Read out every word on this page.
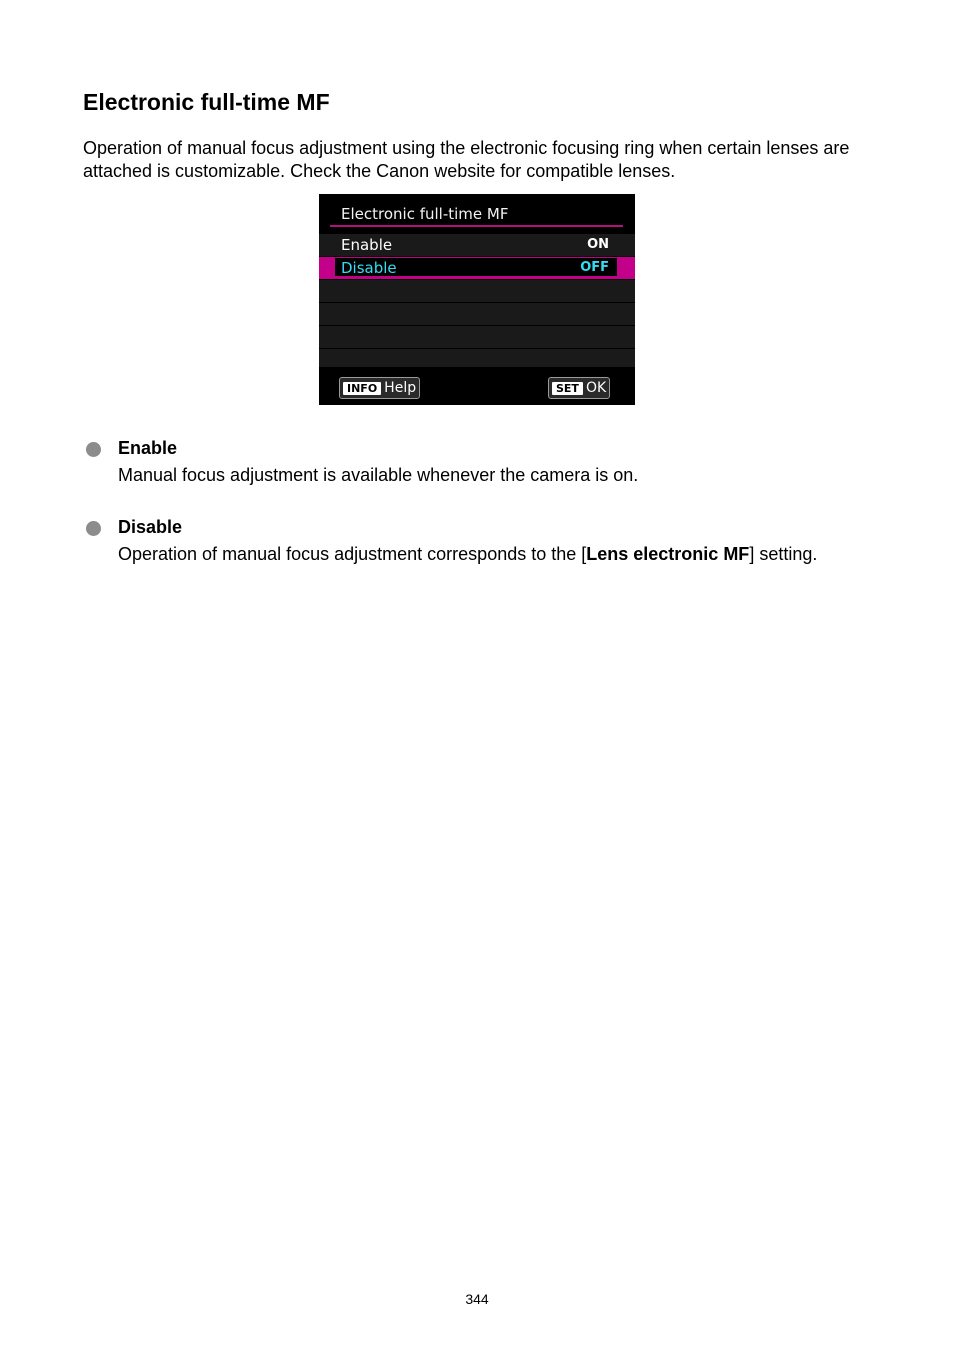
Electronic full-time MF

Operation of manual focus adjustment using the electronic focusing ring when certain lenses are attached is customizable. Check the Canon website for compatible lenses.

Electronic full-time MF
Enable	ON
Disable	OFF
INFO Help	SET OK

Enable

Manual focus adjustment is available whenever the camera is on.

Disable

Operation of manual focus adjustment corresponds to the [Lens electronic MF] setting.

344
